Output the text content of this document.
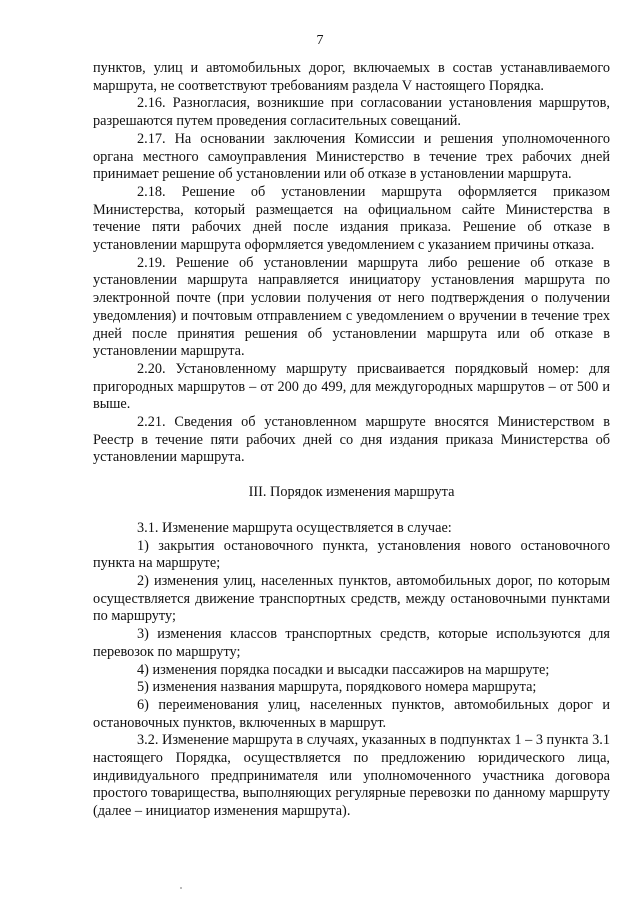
7

пунктов, улиц и автомобильных дорог, включаемых в состав устанавливаемого маршрута, не соответствуют требованиям раздела V настоящего Порядка.

2.16. Разногласия, возникшие при согласовании установления маршрутов, разрешаются путем проведения согласительных совещаний.

2.17. На основании заключения Комиссии и решения уполномоченного органа местного самоуправления Министерство в течение трех рабочих дней принимает решение об установлении или об отказе в установлении маршрута.

2.18. Решение об установлении маршрута оформляется приказом Министерства, который размещается на официальном сайте Министерства в течение пяти рабочих дней после издания приказа. Решение об отказе в установлении маршрута оформляется уведомлением с указанием причины отказа.

2.19. Решение об установлении маршрута либо решение об отказе в установлении маршрута направляется инициатору установления маршрута по электронной почте (при условии получения от него подтверждения о получении уведомления) и почтовым отправлением с уведомлением о вручении в течение трех дней после принятия решения об установлении маршрута или об отказе в установлении маршрута.

2.20. Установленному маршруту присваивается порядковый номер: для пригородных маршрутов – от 200 до 499, для междугородных маршрутов – от 500 и выше.

2.21. Сведения об установленном маршруте вносятся Министерством в Реестр в течение пяти рабочих дней со дня издания приказа Министерства об установлении маршрута.

III. Порядок изменения маршрута

3.1. Изменение маршрута осуществляется в случае:

1) закрытия остановочного пункта, установления нового остановочного пункта на маршруте;

2) изменения улиц, населенных пунктов, автомобильных дорог, по которым осуществляется движение транспортных средств, между остановочными пунктами по маршруту;

3) изменения классов транспортных средств, которые используются для перевозок по маршруту;

4) изменения порядка посадки и высадки пассажиров на маршруте;

5) изменения названия маршрута, порядкового номера маршрута;

6) переименования улиц, населенных пунктов, автомобильных дорог и остановочных пунктов, включенных в маршрут.

3.2. Изменение маршрута в случаях, указанных в подпунктах 1 – 3 пункта 3.1 настоящего Порядка, осуществляется по предложению юридического лица, индивидуального предпринимателя или уполномоченного участника договора простого товарищества, выполняющих регулярные перевозки по данному маршруту (далее – инициатор изменения маршрута).
